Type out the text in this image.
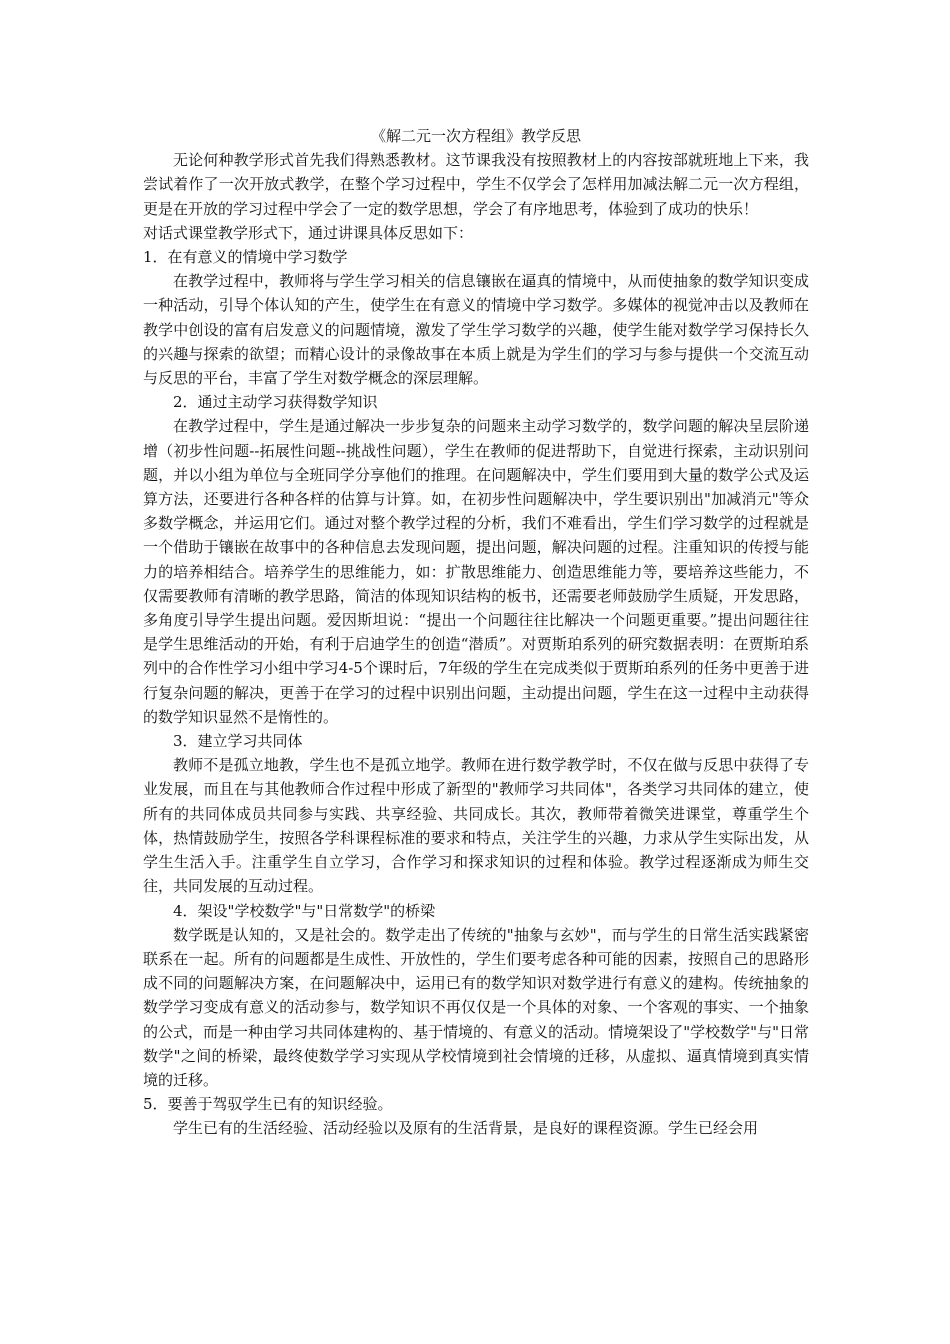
《解二元一次方程组》教学反思

无论何种教学形式首先我们得熟悉教材。这节课我没有按照教材上的内容按部就班地上下来，我尝试着作了一次开放式教学，在整个学习过程中，学生不仅学会了怎样用加减法解二元一次方程组，更是在开放的学习过程中学会了一定的数学思想，学会了有序地思考，体验到了成功的快乐！

对话式课堂教学形式下，通过讲课具体反思如下：

1．在有意义的情境中学习数学

在教学过程中，教师将与学生学习相关的信息镶嵌在逼真的情境中，从而使抽象的数学知识变成一种活动，引导个体认知的产生，使学生在有意义的情境中学习数学。多媒体的视觉冲击以及教师在教学中创设的富有启发意义的问题情境，激发了学生学习数学的兴趣，使学生能对数学学习保持长久的兴趣与探索的欲望；而精心设计的录像故事在本质上就是为学生们的学习与参与提供一个交流互动与反思的平台，丰富了学生对数学概念的深层理解。

2．通过主动学习获得数学知识

在教学过程中，学生是通过解决一步步复杂的问题来主动学习数学的，数学问题的解决呈层阶递增（初步性问题--拓展性问题--挑战性问题），学生在教师的促进帮助下，自觉进行探索，主动识别问题，并以小组为单位与全班同学分享他们的推理。在问题解决中，学生们要用到大量的数学公式及运算方法，还要进行各种各样的估算与计算。如，在初步性问题解决中，学生要识别出"加减消元"等众多数学概念，并运用它们。通过对整个教学过程的分析，我们不难看出，学生们学习数学的过程就是一个借助于镶嵌在故事中的各种信息去发现问题，提出问题，解决问题的过程。注重知识的传授与能力的培养相结合。培养学生的思维能力，如：扩散思维能力、创造思维能力等，要培养这些能力，不仅需要教师有清晰的教学思路，简洁的体现知识结构的板书，还需要老师鼓励学生质疑，开发思路，多角度引导学生提出问题。爱因斯坦说：“提出一个问题往往比解决一个问题更重要。”提出问题往往是学生思维活动的开始，有利于启迪学生的创造“潜质”。对贾斯珀系列的研究数据表明：在贾斯珀系列中的合作性学习小组中学习4-5个课时后，7年级的学生在完成类似于贾斯珀系列的任务中更善于进行复杂问题的解决，更善于在学习的过程中识别出问题，主动提出问题，学生在这一过程中主动获得的数学知识显然不是惰性的。

3．建立学习共同体

教师不是孤立地教，学生也不是孤立地学。教师在进行数学教学时，不仅在做与反思中获得了专业发展，而且在与其他教师合作过程中形成了新型的"教师学习共同体"，各类学习共同体的建立，使所有的共同体成员共同参与实践、共享经验、共同成长。其次，教师带着微笑进课堂，尊重学生个体，热情鼓励学生，按照各学科课程标准的要求和特点，关注学生的兴趣，力求从学生实际出发，从学生生活入手。注重学生自立学习，合作学习和探求知识的过程和体验。教学过程逐渐成为师生交往，共同发展的互动过程。

4．架设"学校数学"与"日常数学"的桥梁

数学既是认知的，又是社会的。数学走出了传统的"抽象与玄妙"，而与学生的日常生活实践紧密联系在一起。所有的问题都是生成性、开放性的，学生们要考虑各种可能的因素，按照自己的思路形成不同的问题解决方案，在问题解决中，运用已有的数学知识对数学进行有意义的建构。传统抽象的数学学习变成有意义的活动参与，数学知识不再仅仅是一个具体的对象、一个客观的事实、一个抽象的公式，而是一种由学习共同体建构的、基于情境的、有意义的活动。情境架设了"学校数学"与"日常数学"之间的桥梁，最终使数学学习实现从学校情境到社会情境的迁移，从虚拟、逼真情境到真实情境的迁移。

5．要善于驾驭学生已有的知识经验。

学生已有的生活经验、活动经验以及原有的生活背景，是良好的课程资源。学生已经会用
